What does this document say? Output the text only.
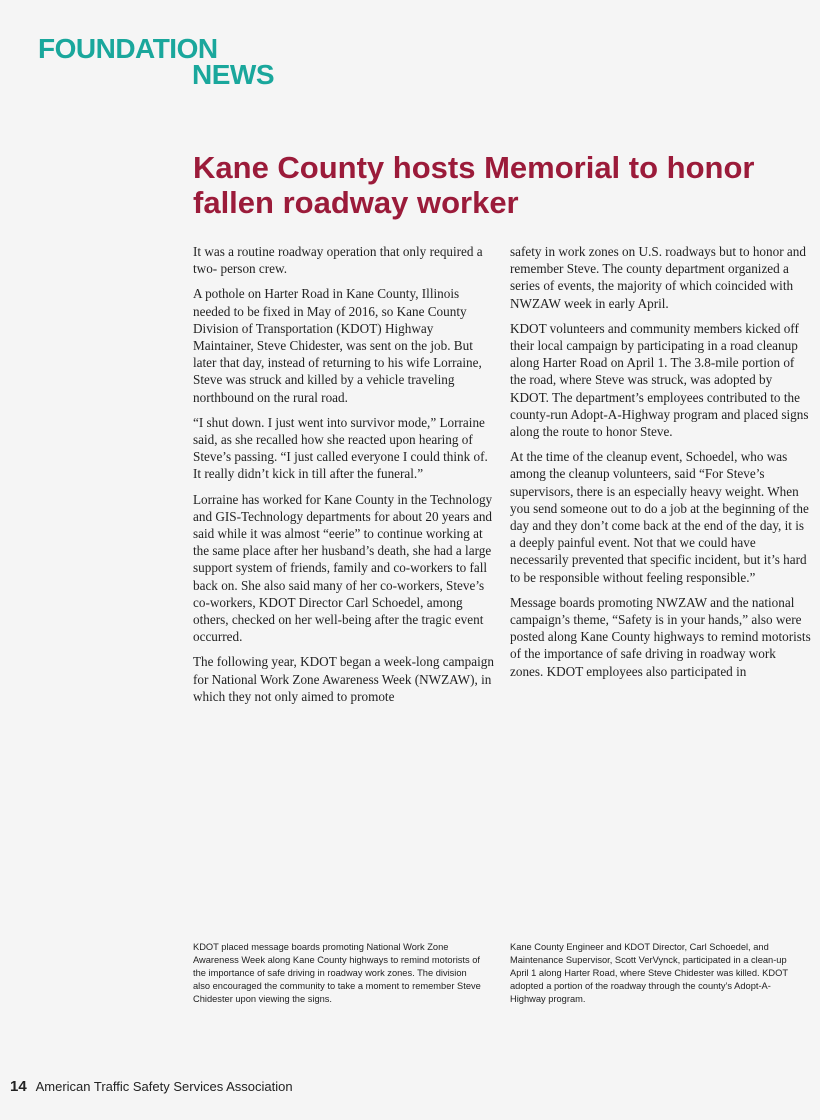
FOUNDATION
NEWS
Kane County hosts Memorial to honor fallen roadway worker

It was a routine roadway operation that only required a two- person crew.

A pothole on Harter Road in Kane County, Illinois needed to be fixed in May of 2016, so Kane County Division of Transportation (KDOT) Highway Maintainer, Steve Chidester, was sent on the job. But later that day, instead of returning to his wife Lorraine, Steve was struck and killed by a vehicle traveling northbound on the rural road.

“I shut down. I just went into survivor mode,” Lorraine said, as she recalled how she reacted upon hearing of Steve’s passing. “I just called everyone I could think of. It really didn’t kick in till after the funeral.”

Lorraine has worked for Kane County in the Technology and GIS-Technology departments for about 20 years and said while it was almost “eerie” to continue working at the same place after her husband’s death, she had a large support system of friends, family and co-workers to fall back on. She also said many of her co-workers, Steve’s co-workers, KDOT Director Carl Schoedel, among others, checked on her well-being after the tragic event occurred.

The following year, KDOT began a week-long campaign for National Work Zone Awareness Week (NWZAW), in which they not only aimed to promote

safety in work zones on U.S. roadways but to honor and remember Steve. The county department organized a series of events, the majority of which coincided with NWZAW week in early April.

KDOT volunteers and community members kicked off their local campaign by participating in a road cleanup along Harter Road on April 1. The 3.8-mile portion of the road, where Steve was struck, was adopted by KDOT. The department’s employees contributed to the county-run Adopt-A-Highway program and placed signs along the route to honor Steve.

At the time of the cleanup event, Schoedel, who was among the cleanup volunteers, said “For Steve’s supervisors, there is an especially heavy weight. When you send someone out to do a job at the beginning of the day and they don’t come back at the end of the day, it is a deeply painful event. Not that we could have necessarily prevented that specific incident, but it’s hard to be responsible without feeling responsible.”

Message boards promoting NWZAW and the national campaign’s theme, “Safety is in your hands,” also were posted along Kane County highways to remind motorists of the importance of safe driving in roadway work zones. KDOT employees also participated in

KDOT placed message boards promoting National Work Zone Awareness Week along Kane County highways to remind motorists of the importance of safe driving in roadway work zones. The division also encouraged the community to take a moment to remember Steve Chidester upon viewing the signs.

Kane County Engineer and KDOT Director, Carl Schoedel, and Maintenance Supervisor, Scott VerVynck, participated in a clean-up April 1 along Harter Road, where Steve Chidester was killed. KDOT adopted a portion of the roadway through the county’s Adopt-A-Highway program.

14 American Traffic Safety Services Association
